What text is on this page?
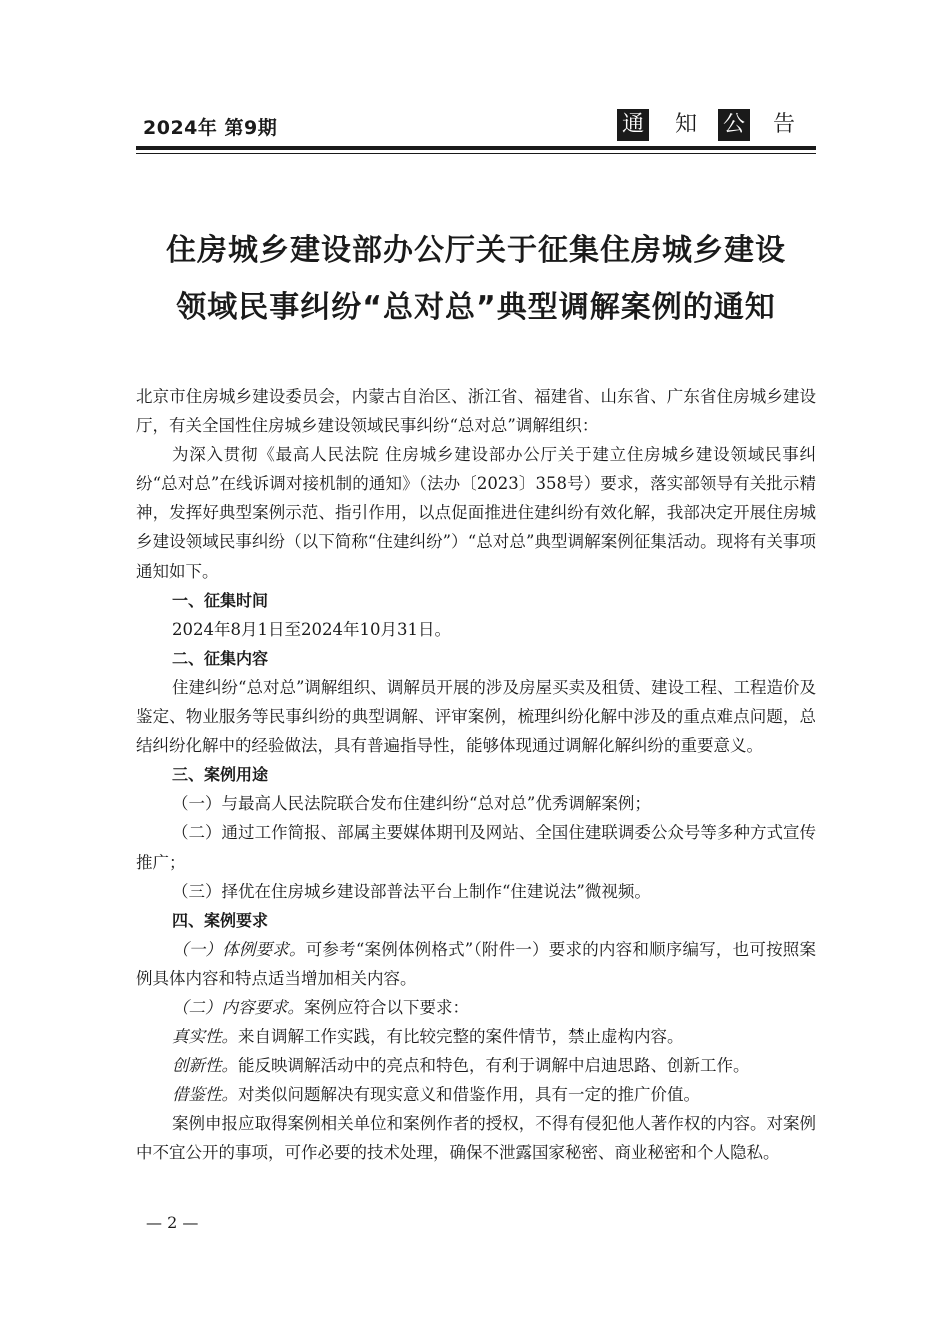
2024年 第9期	通 知 公 告
住房城乡建设部办公厅关于征集住房城乡建设
领域民事纠纷“总对总”典型调解案例的通知

北京市住房城乡建设委员会，内蒙古自治区、浙江省、福建省、山东省、广东省住房城乡建设厅，有关全国性住房城乡建设领域民事纠纷“总对总”调解组织：

为深入贯彻《最高人民法院 住房城乡建设部办公厅关于建立住房城乡建设领域民事纠纷“总对总”在线诉调对接机制的通知》（法办〔2023〕358号）要求，落实部领导有关批示精神，发挥好典型案例示范、指引作用，以点促面推进住建纠纷有效化解，我部决定开展住房城乡建设领域民事纠纷（以下简称“住建纠纷”）“总对总”典型调解案例征集活动。现将有关事项通知如下。

一、征集时间

2024年8月1日至2024年10月31日。

二、征集内容

住建纠纷“总对总”调解组织、调解员开展的涉及房屋买卖及租赁、建设工程、工程造价及鉴定、物业服务等民事纠纷的典型调解、评审案例，梳理纠纷化解中涉及的重点难点问题，总结纠纷化解中的经验做法，具有普遍指导性，能够体现通过调解化解纠纷的重要意义。

三、案例用途

（一）与最高人民法院联合发布住建纠纷“总对总”优秀调解案例；

（二）通过工作简报、部属主要媒体期刊及网站、全国住建联调委公众号等多种方式宣传推广；

（三）择优在住房城乡建设部普法平台上制作“住建说法”微视频。

四、案例要求

（一）体例要求。可参考“案例体例格式”（附件一）要求的内容和顺序编写，也可按照案例具体内容和特点适当增加相关内容。

（二）内容要求。案例应符合以下要求：

真实性。来自调解工作实践，有比较完整的案件情节，禁止虚构内容。

创新性。能反映调解活动中的亮点和特色，有利于调解中启迪思路、创新工作。

借鉴性。对类似问题解决有现实意义和借鉴作用，具有一定的推广价值。

案例申报应取得案例相关单位和案例作者的授权，不得有侵犯他人著作权的内容。对案例中不宜公开的事项，可作必要的技术处理，确保不泄露国家秘密、商业秘密和个人隐私。

— 2 —
